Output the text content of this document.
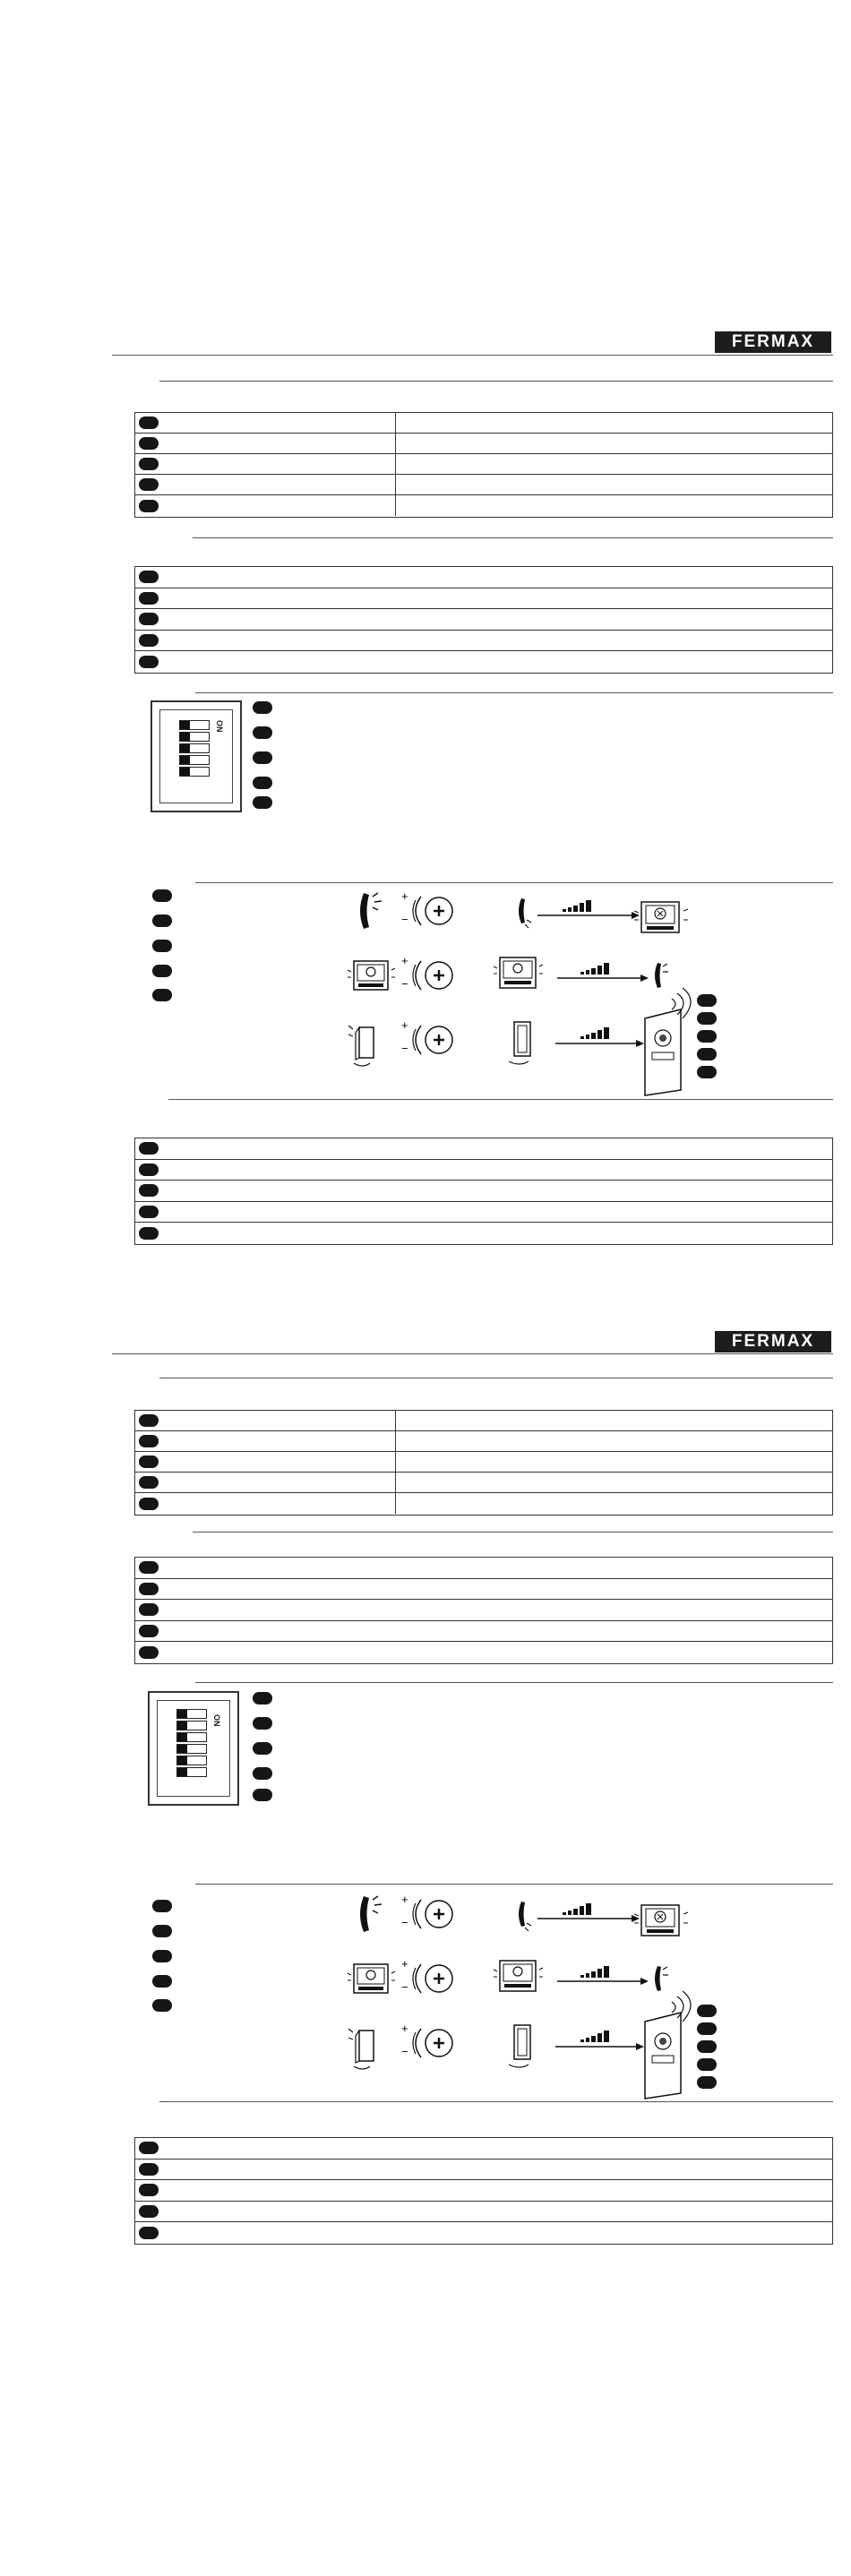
FERMAX
ON
+
−
+
−
+
−
FERMAX
ON
+
−
+
−
+
−
